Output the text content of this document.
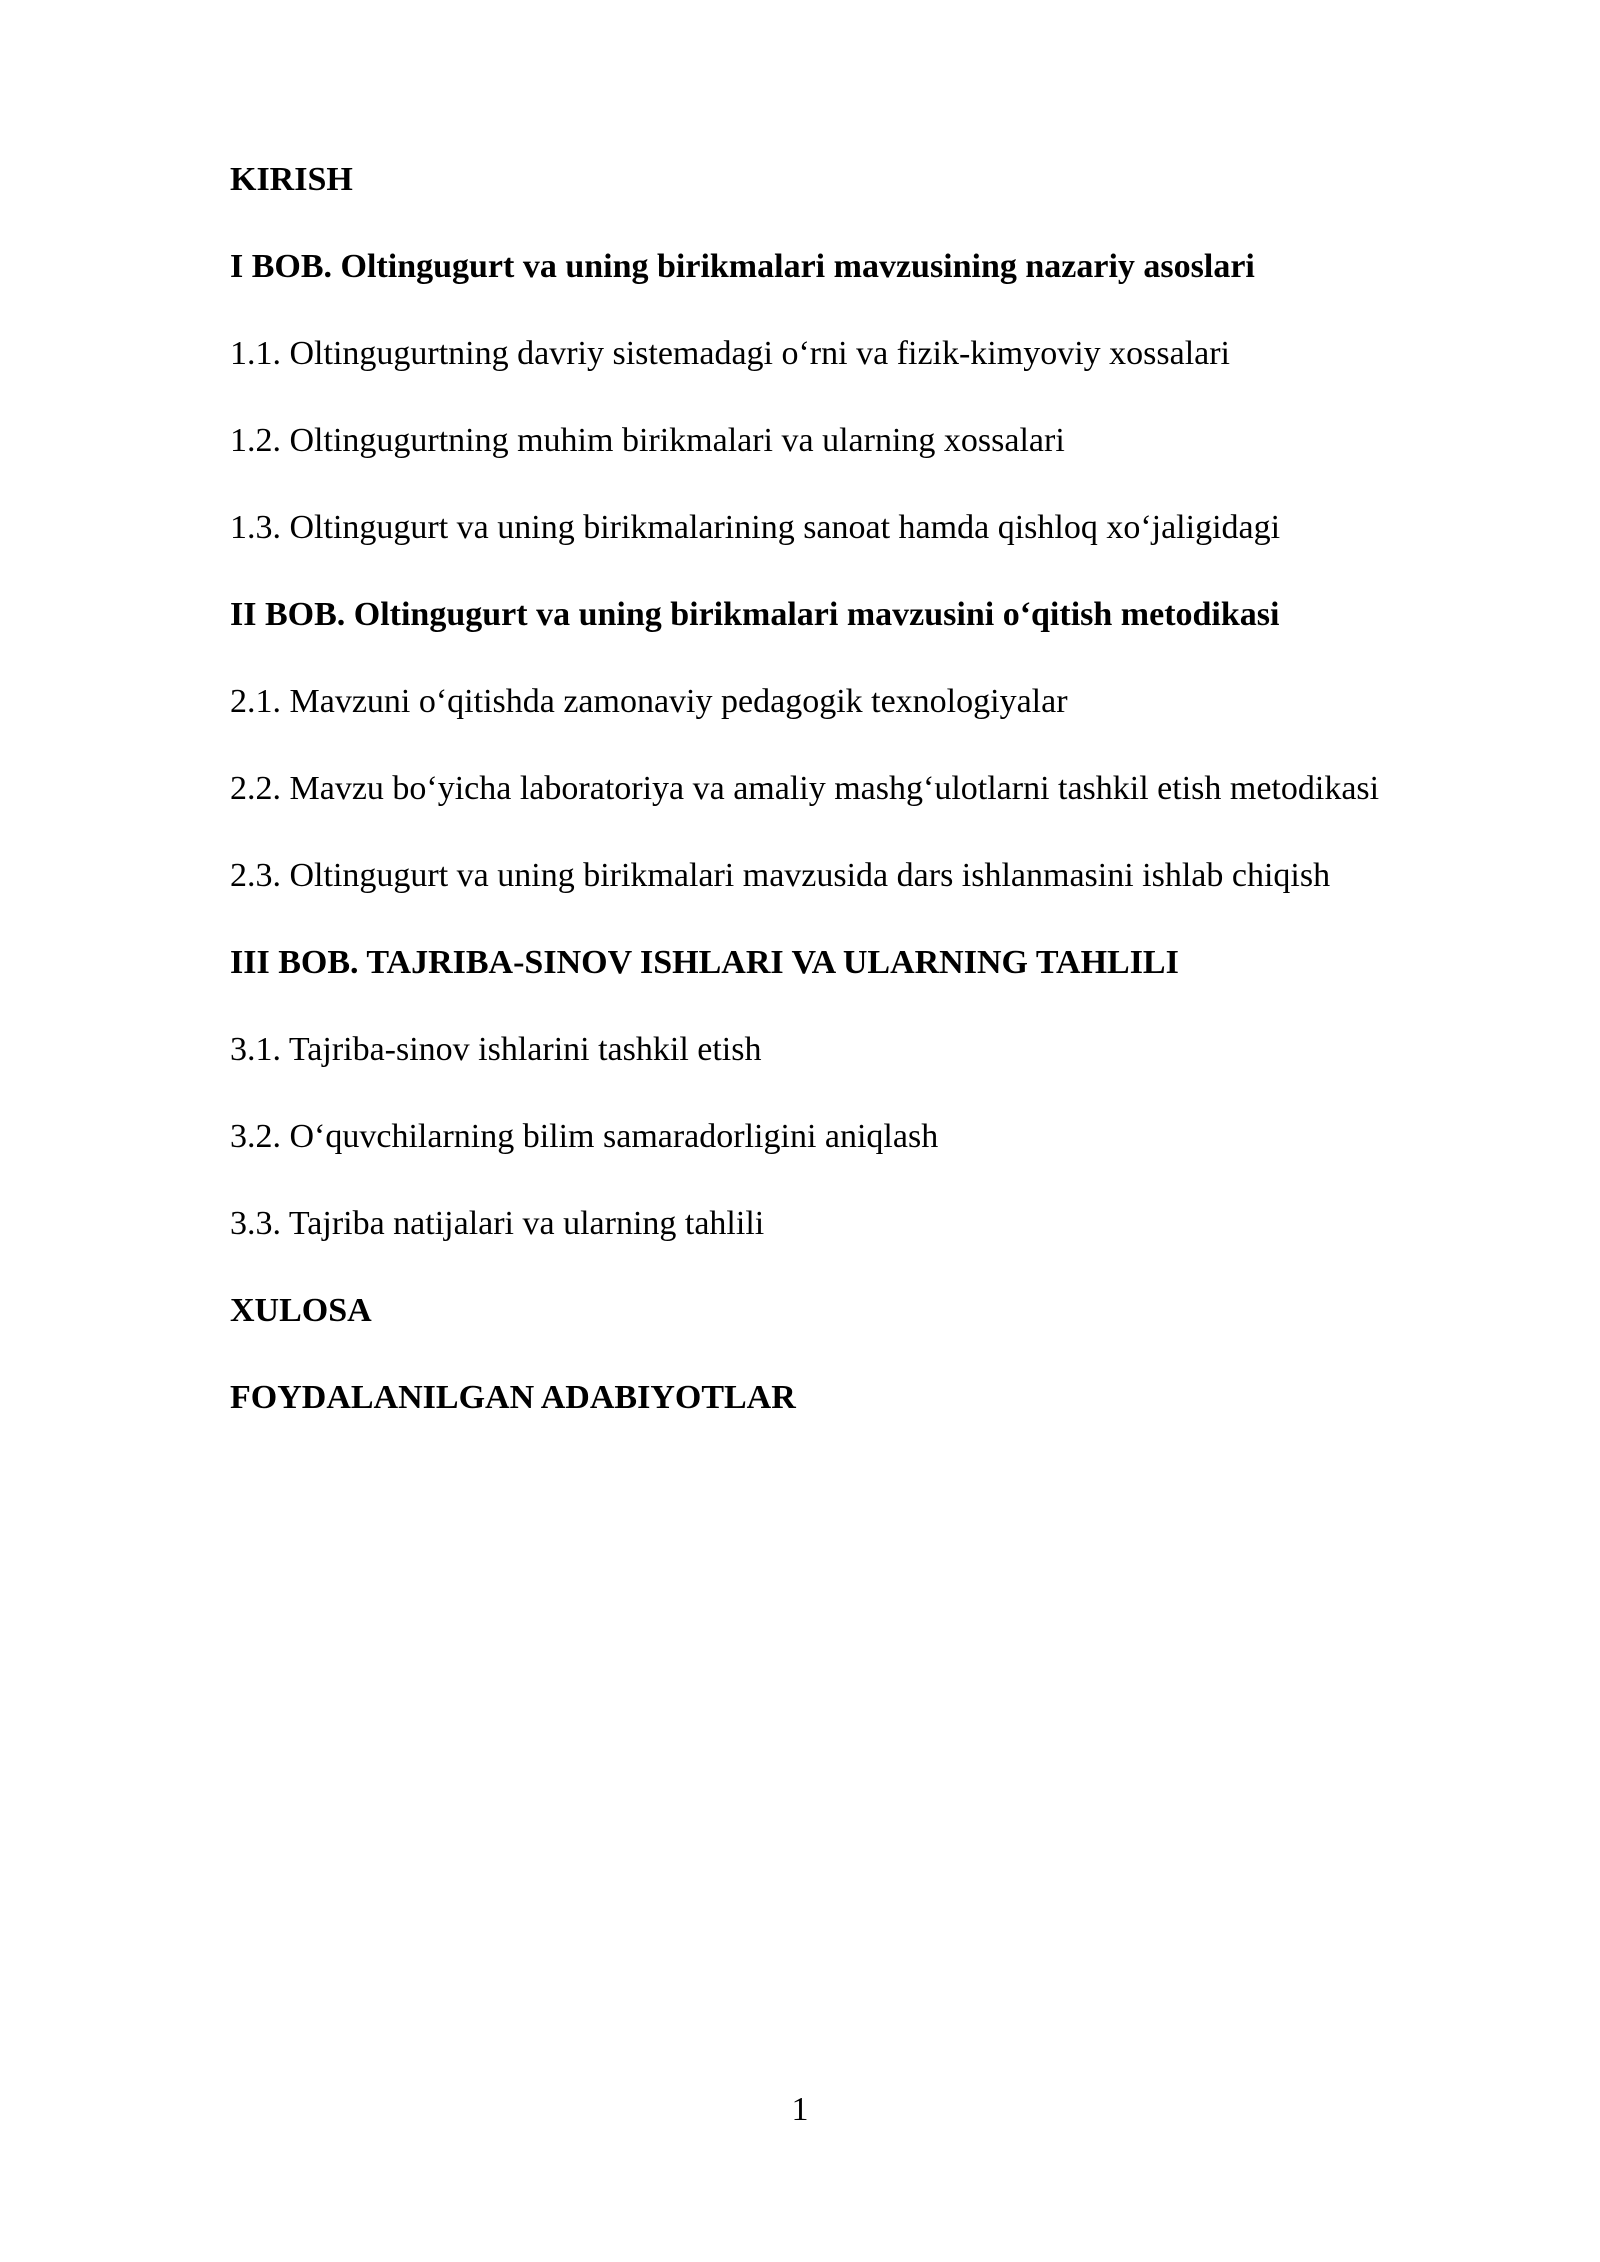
KIRISH
I BOB. Oltingugurt va uning birikmalari mavzusining nazariy asoslari
1.1. Oltingugurtning davriy sistemadagi o‘rni va fizik-kimyoviy xossalari
1.2. Oltingugurtning muhim birikmalari va ularning xossalari
1.3. Oltingugurt va uning birikmalarining sanoat hamda qishloq xo‘jaligidagi
II BOB. Oltingugurt va uning birikmalari mavzusini o‘qitish metodikasi
2.1. Mavzuni o‘qitishda zamonaviy pedagogik texnologiyalar
2.2. Mavzu bo‘yicha laboratoriya va amaliy mashg‘ulotlarni tashkil etish metodikasi
2.3. Oltingugurt va uning birikmalari mavzusida dars ishlanmasini ishlab chiqish
III BOB. TAJRIBA-SINOV ISHLARI VA ULARNING TAHLILI
3.1. Tajriba-sinov ishlarini tashkil etish
3.2. O‘quvchilarning bilim samaradorligini aniqlash
3.3. Tajriba natijalari va ularning tahlili
XULOSA
FOYDALANILGAN ADABIYOTLAR
1
